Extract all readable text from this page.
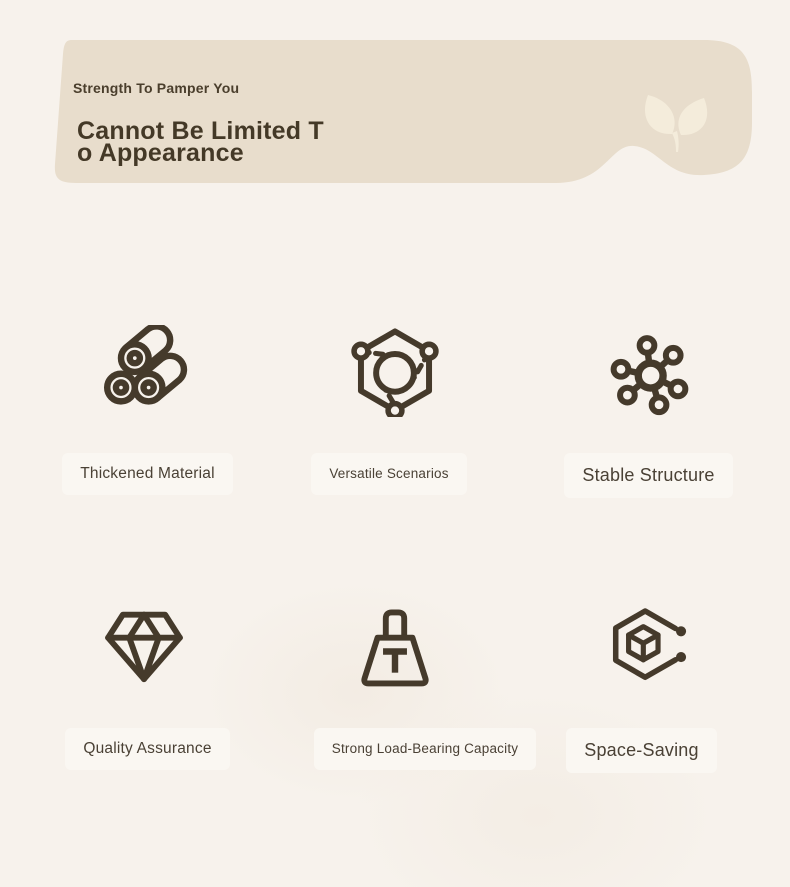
Strength To Pamper You
Cannot Be Limited T
o Appearance
Thickened Material	Versatile Scenarios	Stable Structure
Quality Assurance	Strong Load-Bearing Capacity	Space-Saving
